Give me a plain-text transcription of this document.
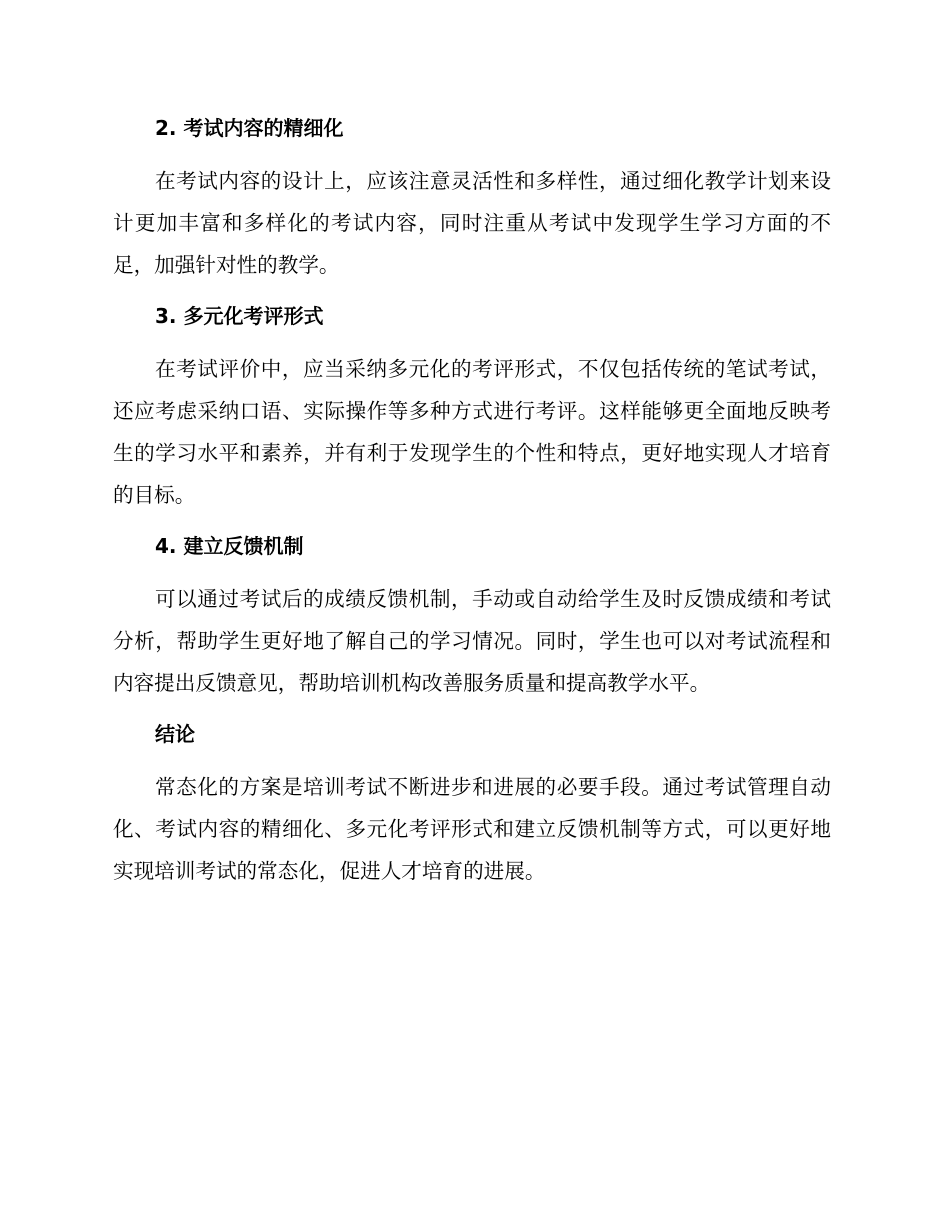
2. 考试内容的精细化

在考试内容的设计上，应该注意灵活性和多样性，通过细化教学计划来设计更加丰富和多样化的考试内容，同时注重从考试中发现学生学习方面的不足，加强针对性的教学。

3. 多元化考评形式

在考试评价中，应当采纳多元化的考评形式，不仅包括传统的笔试考试，还应考虑采纳口语、实际操作等多种方式进行考评。这样能够更全面地反映考生的学习水平和素养，并有利于发现学生的个性和特点，更好地实现人才培育的目标。

4. 建立反馈机制

可以通过考试后的成绩反馈机制，手动或自动给学生及时反馈成绩和考试分析，帮助学生更好地了解自己的学习情况。同时，学生也可以对考试流程和内容提出反馈意见，帮助培训机构改善服务质量和提高教学水平。

结论

常态化的方案是培训考试不断进步和进展的必要手段。通过考试管理自动化、考试内容的精细化、多元化考评形式和建立反馈机制等方式，可以更好地实现培训考试的常态化，促进人才培育的进展。
